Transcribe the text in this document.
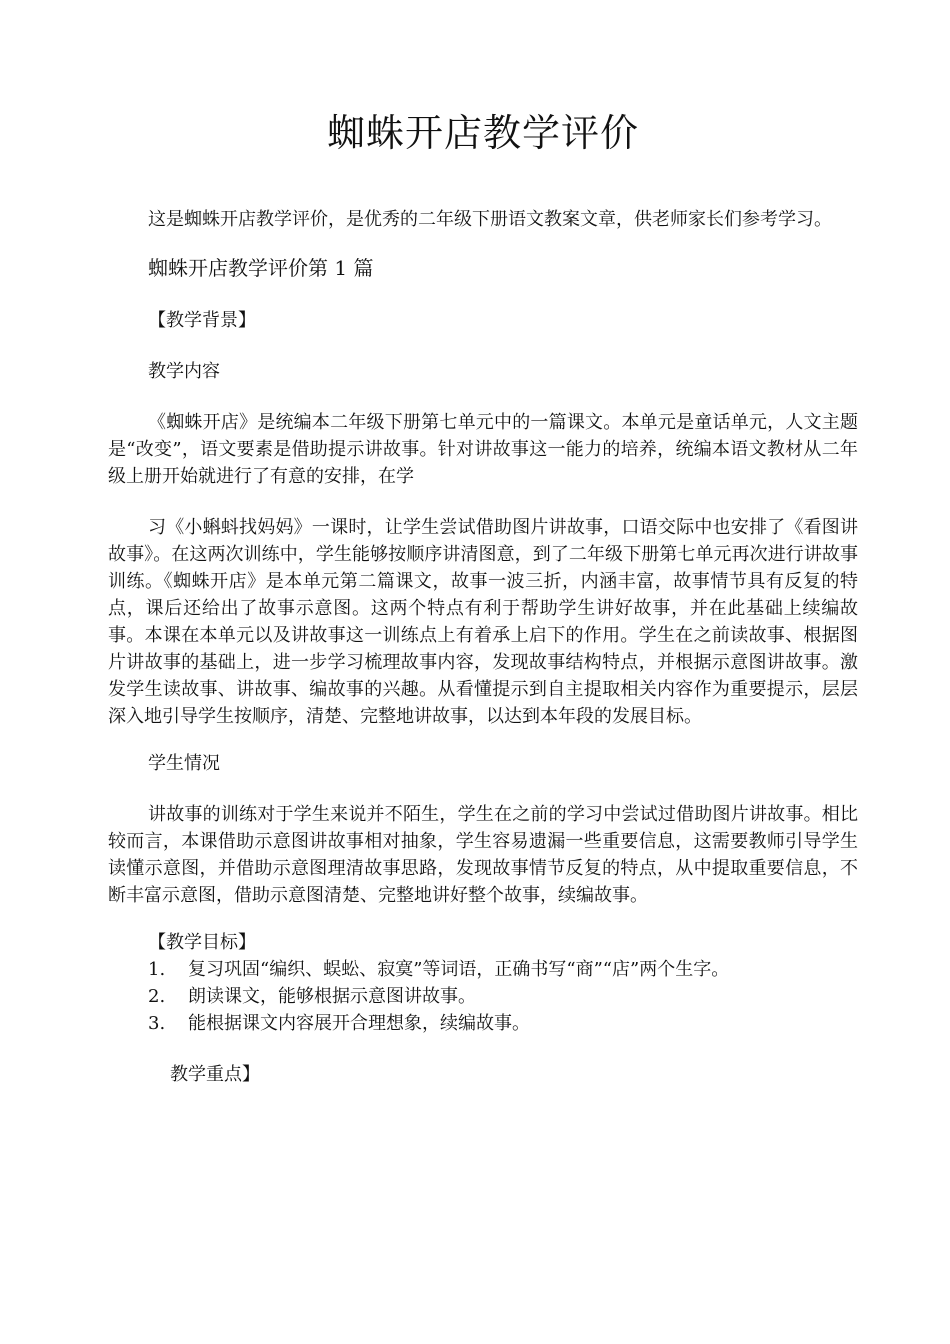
蜘蛛开店教学评价

这是蜘蛛开店教学评价，是优秀的二年级下册语文教案文章，供老师家长们参考学习。

蜘蛛开店教学评价第 1 篇

【教学背景】

教学内容

《蜘蛛开店》是统编本二年级下册第七单元中的一篇课文。本单元是童话单元，人文主题是“改变”，语文要素是借助提示讲故事。针对讲故事这一能力的培养，统编本语文教材从二年级上册开始就进行了有意的安排，在学

习《小蝌蚪找妈妈》一课时，让学生尝试借助图片讲故事，口语交际中也安排了《看图讲故事》。在这两次训练中，学生能够按顺序讲清图意，到了二年级下册第七单元再次进行讲故事训练。《蜘蛛开店》是本单元第二篇课文，故事一波三折，内涵丰富，故事情节具有反复的特点，课后还给出了故事示意图。这两个特点有利于帮助学生讲好故事，并在此基础上续编故事。本课在本单元以及讲故事这一训练点上有着承上启下的作用。学生在之前读故事、根据图片讲故事的基础上，进一步学习梳理故事内容，发现故事结构特点，并根据示意图讲故事。激发学生读故事、讲故事、编故事的兴趣。从看懂提示到自主提取相关内容作为重要提示，层层深入地引导学生按顺序，清楚、完整地讲故事，以达到本年段的发展目标。

学生情况

讲故事的训练对于学生来说并不陌生，学生在之前的学习中尝试过借助图片讲故事。相比较而言，本课借助示意图讲故事相对抽象，学生容易遗漏一些重要信息，这需要教师引导学生读懂示意图，并借助示意图理清故事思路，发现故事情节反复的特点，从中提取重要信息，不断丰富示意图，借助示意图清楚、完整地讲好整个故事，续编故事。

【教学目标】

1.	复习巩固“编织、蜈蚣、寂寞”等词语，正确书写“商”“店”两个生字。
2.	朗读课文，能够根据示意图讲故事。
3.	能根据课文内容展开合理想象，续编故事。

教学重点】
